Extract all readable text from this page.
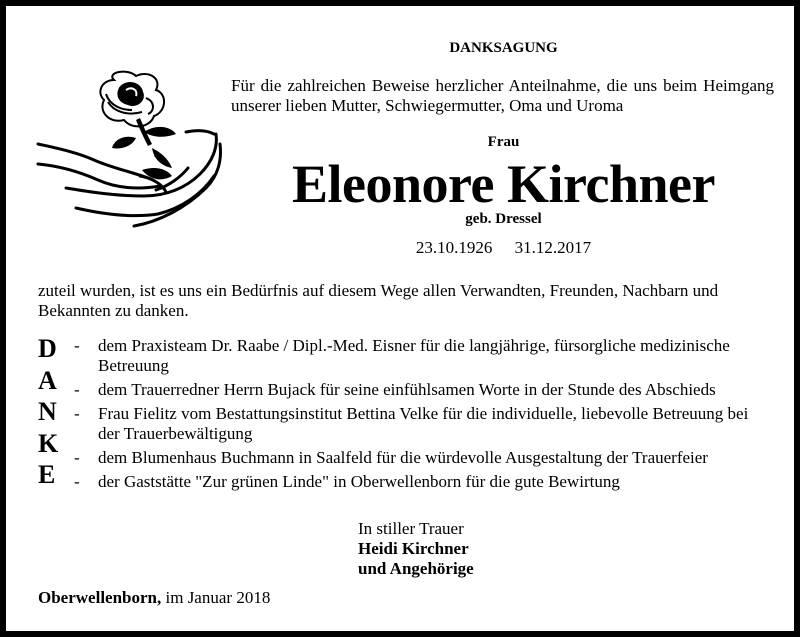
DANKSAGUNG
Für die zahlreichen Beweise herzlicher Anteilnahme, die uns beim Heimgang unserer lieben Mutter, Schwiegermutter, Oma und Uroma
Frau
Eleonore Kirchner
geb. Dressel
23.10.1926 31.12.2017
zuteil wurden, ist es uns ein Bedürfnis auf diesem Wege allen Verwandten, Freunden, Nachbarn und Bekannten zu danken.
D
A
N
K
E
-	dem Praxisteam Dr. Raabe / Dipl.-Med. Eisner für die langjährige, fürsorgliche medizinische Betreuung
-	dem Trauerredner Herrn Bujack für seine einfühlsamen Worte in der Stunde des Abschieds
-	Frau Fielitz vom Bestattungsinstitut Bettina Velke für die individuelle, liebevolle Betreuung bei der Trauerbewältigung
-	dem Blumenhaus Buchmann in Saalfeld für die würdevolle Ausgestaltung der Trauerfeier
-	der Gaststätte "Zur grünen Linde" in Oberwellenborn für die gute Bewirtung
In stiller Trauer
Heidi Kirchner
und Angehörige
Oberwellenborn, im Januar 2018
